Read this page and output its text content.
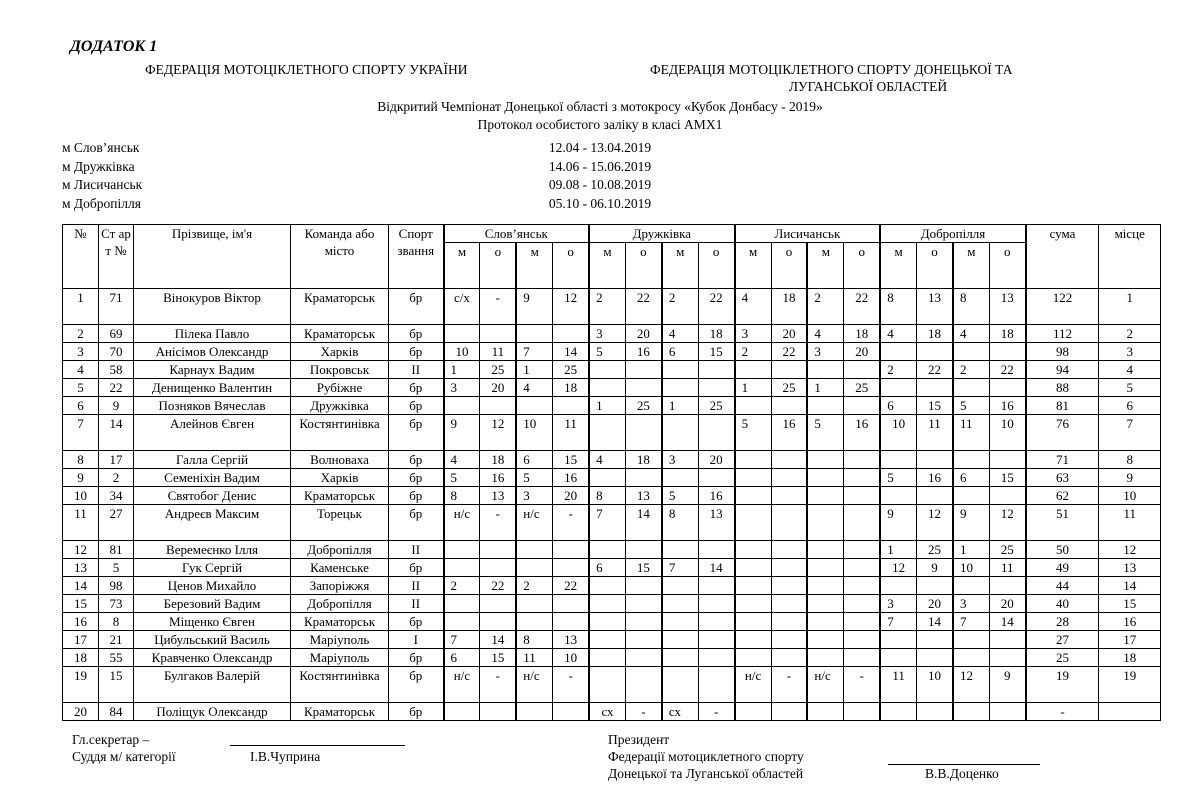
ДОДАТОК 1
ФЕДЕРАЦІЯ МОТОЦІКЛЕТНОГО СПОРТУ УКРАЇНИ	ФЕДЕРАЦІЯ МОТОЦІКЛЕТНОГО СПОРТУ ДОНЕЦЬКОЇ ТА
ЛУГАНСЬКОЇ ОБЛАСТЕЙ
Відкритий Чемпіонат Донецької області з мотокросу «Кубок Донбасу - 2019»
Протокол особистого заліку в класі АМХ1
м Слов’янськ	12.04 - 13.04.2019
м Дружківка	14.06 - 15.06.2019
м Лисичанськ	09.08 - 10.08.2019
м Добропілля	05.10 - 06.10.2019
№	Ст ар т №	Прізвище, ім'я	Команда або місто	Спорт звання	Слов’янськ				Дружківка				Лисичанськ				Добропілля				сума	місце
					м	о	м	о	м	о	м	о	м	о	м	о	м	о	м	о		
1	71	Вінокуров Віктор	Краматорськ	бр	с/х	-	9	12	2	22	2	22	4	18	2	22	8	13	8	13	122	1
2	69	Пілека Павло	Краматорськ	бр					3	20	4	18	3	20	4	18	4	18	4	18	112	2
3	70	Анісімов Олександр	Харків	бр	10	11	7	14	5	16	6	15	2	22	3	20					98	3
4	58	Карнаух Вадим	Покровськ	ІІ	1	25	1	25									2	22	2	22	94	4
5	22	Денищенко Валентин	Рубіжне	бр	3	20	4	18					1	25	1	25					88	5
6	9	Позняков Вячеслав	Дружківка	бр					1	25	1	25					6	15	5	16	81	6
7	14	Алейнов Євген	Костянтинівка	бр	9	12	10	11					5	16	5	16	10	11	11	10	76	7
8	17	Галла Сергій	Волноваха	бр	4	18	6	15	4	18	3	20									71	8
9	2	Семеніхін Вадим	Харків	бр	5	16	5	16									5	16	6	15	63	9
10	34	Святобог Денис	Краматорськ	бр	8	13	3	20	8	13	5	16									62	10
11	27	Андреєв Максим	Торецьк	бр	н/с	-	н/с	-	7	14	8	13					9	12	9	12	51	11
12	81	Веремеєнко Ілля	Добропілля	ІІ													1	25	1	25	50	12
13	5	Гук Сергій	Каменське	бр					6	15	7	14					12	9	10	11	49	13
14	98	Ценов Михайло	Запоріжжя	ІІ	2	22	2	22													44	14
15	73	Березовий Вадим	Добропілля	ІІ													3	20	3	20	40	15
16	8	Міщенко Євген	Краматорськ	бр													7	14	7	14	28	16
17	21	Цибульський Василь	Маріуполь	І	7	14	8	13													27	17
18	55	Кравченко Олександр	Маріуполь	бр	6	15	11	10													25	18
19	15	Булгаков Валерій	Костянтинівка	бр	н/с	-	н/с	-					н/с	-	н/с	-	11	10	12	9	19	19
20	84	Поліщук Олександр	Краматорськ	бр					сх	-	сх	-									-	
Гл.секретар –
Суддя м/ категорії	І.В.Чуприна
Президент
Федерації мотоциклетного спорту
Донецької та Луганської областей	В.В.Доценко
